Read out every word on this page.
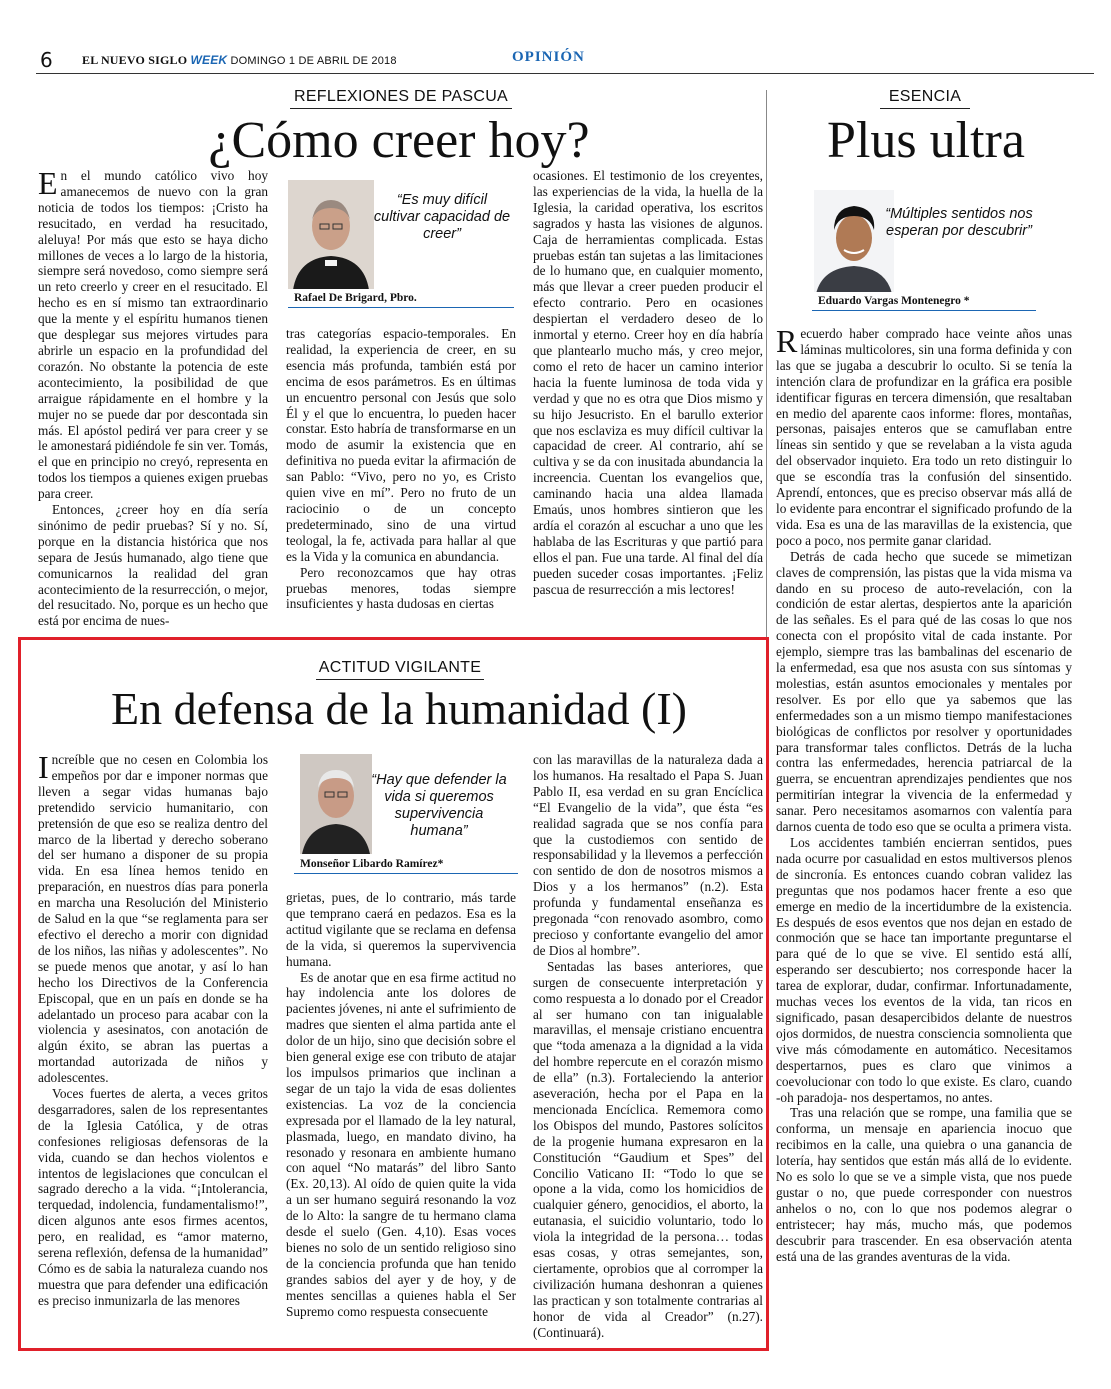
6 EL NUEVO SIGLO WEEK DOMINGO 1 DE ABRIL DE 2018	OPINIÓN
REFLEXIONES DE PASCUA
¿Cómo creer hoy?

En el mundo católico vivo hoy amanecemos de nuevo con la gran noticia de todos los tiempos: ¡Cristo ha resucitado, en verdad ha resucitado, aleluya! Por más que esto se haya dicho millones de veces a lo largo de la historia, siempre será novedoso, como siempre será un reto creerlo y creer en el resucitado. El hecho es en sí mismo tan extraordinario que la mente y el espíritu humanos tienen que desplegar sus mejores virtudes para abrirle un espacio en la profundidad del corazón. No obstante la potencia de este acontecimiento, la posibilidad de que arraigue rápidamente en el hombre y la mujer no se puede dar por descontada sin más. El apóstol pedirá ver para creer y se le amonestará pidiéndole fe sin ver. Tomás, el que en principio no creyó, representa en todos los tiempos a quienes exigen pruebas para creer.

Entonces, ¿creer hoy en día sería sinónimo de pedir pruebas? Sí y no. Sí, porque en la distancia histórica que nos separa de Jesús humanado, algo tiene que comunicarnos la realidad del gran acontecimiento de la resurrección, o mejor, del resucitado. No, porque es un hecho que está por encima de nues-

“Es muy difícil cultivar capacidad de creer”
Rafael De Brigard, Pbro.

tras categorías espacio-temporales. En realidad, la experiencia de creer, en su esencia más profunda, también está por encima de esos parámetros. Es en últimas un encuentro personal con Jesús que solo Él y el que lo encuentra, lo pueden hacer constar. Esto habría de transformarse en un modo de asumir la existencia que en definitiva no pueda evitar la afirmación de san Pablo: “Vivo, pero no yo, es Cristo quien vive en mí”. Pero no fruto de un raciocinio o de un concepto predeterminado, sino de una virtud teologal, la fe, activada para hallar al que es la Vida y la comunica en abundancia.

Pero reconozcamos que hay otras pruebas menores, todas siempre insuficientes y hasta dudosas en ciertas

ocasiones. El testimonio de los creyentes, las experiencias de la vida, la huella de la Iglesia, la caridad operativa, los escritos sagrados y hasta las visiones de algunos. Caja de herramientas complicada. Estas pruebas están tan sujetas a las limitaciones de lo humano que, en cualquier momento, más que llevar a creer pueden producir el efecto contrario. Pero en ocasiones despiertan el verdadero deseo de lo inmortal y eterno. Creer hoy en día habría que plantearlo mucho más, y creo mejor, como el reto de hacer un camino interior hacia la fuente luminosa de toda vida y verdad y que no es otra que Dios mismo y su hijo Jesucristo. En el barullo exterior que nos esclaviza es muy difícil cultivar la capacidad de creer. Al contrario, ahí se cultiva y se da con inusitada abundancia la increencia. Cuentan los evangelios que, caminando hacia una aldea llamada Emaús, unos hombres sintieron que les ardía el corazón al escuchar a uno que les hablaba de las Escrituras y que partió para ellos el pan. Fue una tarde. Al final del día pueden suceder cosas importantes. ¡Feliz pascua de resurrección a mis lectores!

ESENCIA
Plus ultra
“Múltiples sentidos nos esperan por descubrir”
Eduardo Vargas Montenegro *

Recuerdo haber comprado hace veinte años unas láminas multicolores, sin una forma definida y con las que se jugaba a descubrir lo oculto. Si se tenía la intención clara de profundizar en la gráfica era posible identificar figuras en tercera dimensión, que resaltaban en medio del aparente caos informe: flores, montañas, personas, paisajes enteros que se camuflaban entre líneas sin sentido y que se revelaban a la vista aguda del observador inquieto. Era todo un reto distinguir lo que se escondía tras la confusión del sinsentido. Aprendí, entonces, que es preciso observar más allá de lo evidente para encontrar el significado profundo de la vida. Esa es una de las maravillas de la existencia, que poco a poco, nos permite ganar claridad.

Detrás de cada hecho que sucede se mimetizan claves de comprensión, las pistas que la vida misma va dando en su proceso de auto-revelación, con la condición de estar alertas, despiertos ante la aparición de las señales. Es el para qué de las cosas lo que nos conecta con el propósito vital de cada instante. Por ejemplo, siempre tras las bambalinas del escenario de la enfermedad, esa que nos asusta con sus síntomas y molestias, están asuntos emocionales y mentales por resolver. Es por ello que ya sabemos que las enfermedades son a un mismo tiempo manifestaciones biológicas de conflictos por resolver y oportunidades para transformar tales conflictos. Detrás de la lucha contra las enfermedades, herencia patriarcal de la guerra, se encuentran aprendizajes pendientes que nos permitirían integrar la vivencia de la enfermedad y sanar. Pero necesitamos asomarnos con valentía para darnos cuenta de todo eso que se oculta a primera vista.

Los accidentes también encierran sentidos, pues nada ocurre por casualidad en estos multiversos plenos de sincronía. Es entonces cuando cobran validez las preguntas que nos podamos hacer frente a eso que emerge en medio de la incertidumbre de la existencia. Es después de esos eventos que nos dejan en estado de conmoción que se hace tan importante preguntarse el para qué de lo que se vive. El sentido está allí, esperando ser descubierto; nos corresponde hacer la tarea de explorar, dudar, confirmar. Infortunadamente, muchas veces los eventos de la vida, tan ricos en significado, pasan desapercibidos delante de nuestros ojos dormidos, de nuestra consciencia somnolienta que vive más cómodamente en automático. Necesitamos despertarnos, pues es claro que vinimos a coevolucionar con todo lo que existe. Es claro, cuando -oh paradoja- nos despertamos, no antes.

Tras una relación que se rompe, una familia que se conforma, un mensaje en apariencia inocuo que recibimos en la calle, una quiebra o una ganancia de lotería, hay sentidos que están más allá de lo evidente. No es solo lo que se ve a simple vista, que nos puede gustar o no, que puede corresponder con nuestros anhelos o no, con lo que nos podemos alegrar o entristecer; hay más, mucho más, que podemos descubrir para trascender. En esa observación atenta está una de las grandes aventuras de la vida.

ACTITUD VIGILANTE
En defensa de la humanidad (I)

Increíble que no cesen en Colombia los empeños por dar e imponer normas que lleven a segar vidas humanas bajo pretendido servicio humanitario, con pretensión de que eso se realiza dentro del marco de la libertad y derecho soberano del ser humano a disponer de su propia vida. En esa línea hemos tenido en preparación, en nuestros días para ponerla en marcha una Resolución del Ministerio de Salud en la que “se reglamenta para ser efectivo el derecho a morir con dignidad de los niños, las niñas y adolescentes”. No se puede menos que anotar, y así lo han hecho los Directivos de la Conferencia Episcopal, que en un país en donde se ha adelantado un proceso para acabar con la violencia y asesinatos, con anotación de algún éxito, se abran las puertas a mortandad autorizada de niños y adolescentes.

Voces fuertes de alerta, a veces gritos desgarradores, salen de los representantes de la Iglesia Católica, y de otras confesiones religiosas defensoras de la vida, cuando se dan hechos violentos e intentos de legislaciones que conculcan el sagrado derecho a la vida. “¡Intolerancia, terquedad, indolencia, fundamentalismo!”, dicen algunos ante esos firmes acentos, pero, en realidad, es “amor materno, serena reflexión, defensa de la humanidad” Cómo es de sabia la naturaleza cuando nos muestra que para defender una edificación es preciso inmunizarla de las menores

“Hay que defender la vida si queremos supervivencia humana”
Monseñor Libardo Ramírez*

grietas, pues, de lo contrario, más tarde que temprano caerá en pedazos. Esa es la actitud vigilante que se reclama en defensa de la vida, si queremos la supervivencia humana.

Es de anotar que en esa firme actitud no hay indolencia ante los dolores de pacientes jóvenes, ni ante el sufrimiento de madres que sienten el alma partida ante el dolor de un hijo, sino que decisión sobre el bien general exige ese con tributo de atajar los impulsos primarios que inclinan a segar de un tajo la vida de esas dolientes existencias. La voz de la conciencia expresada por el llamado de la ley natural, plasmada, luego, en mandato divino, ha resonado y resonara en ambiente humano con aquel “No matarás” del libro Santo (Ex. 20,13). Al oído de quien quite la vida a un ser humano seguirá resonando la voz de lo Alto: la sangre de tu hermano clama desde el suelo (Gen. 4,10). Esas voces bienes no solo de un sentido religioso sino de la conciencia profunda que han tenido grandes sabios del ayer y de hoy, y de mentes sencillas a quienes habla el Ser Supremo como respuesta consecuente

con las maravillas de la naturaleza dada a los humanos. Ha resaltado el Papa S. Juan Pablo II, esa verdad en su gran Encíclica “El Evangelio de la vida”, que ésta “es realidad sagrada que se nos confía para que la custodiemos con sentido de responsabilidad y la llevemos a perfección con sentido de don de nosotros mismos a Dios y a los hermanos” (n.2). Esta profunda y fundamental enseñanza es pregonada “con renovado asombro, como precioso y confortante evangelio del amor de Dios al hombre”.

Sentadas las bases anteriores, que surgen de consecuente interpretación y como respuesta a lo donado por el Creador al ser humano con tan inigualable maravillas, el mensaje cristiano encuentra que “toda amenaza a la dignidad a la vida del hombre repercute en el corazón mismo de ella” (n.3). Fortaleciendo la anterior aseveración, hecha por el Papa en la mencionada Encíclica. Rememora como los Obispos del mundo, Pastores solícitos de la progenie humana expresaron en la Constitución “Gaudium et Spes” del Concilio Vaticano II: “Todo lo que se opone a la vida, como los homicidios de cualquier género, genocidios, el aborto, la eutanasia, el suicidio voluntario, todo lo viola la integridad de la persona… todas esas cosas, y otras semejantes, son, ciertamente, oprobios que al corromper la civilización humana deshonran a quienes las practican y son totalmente contrarias al honor de vida al Creador” (n.27). (Continuará).
